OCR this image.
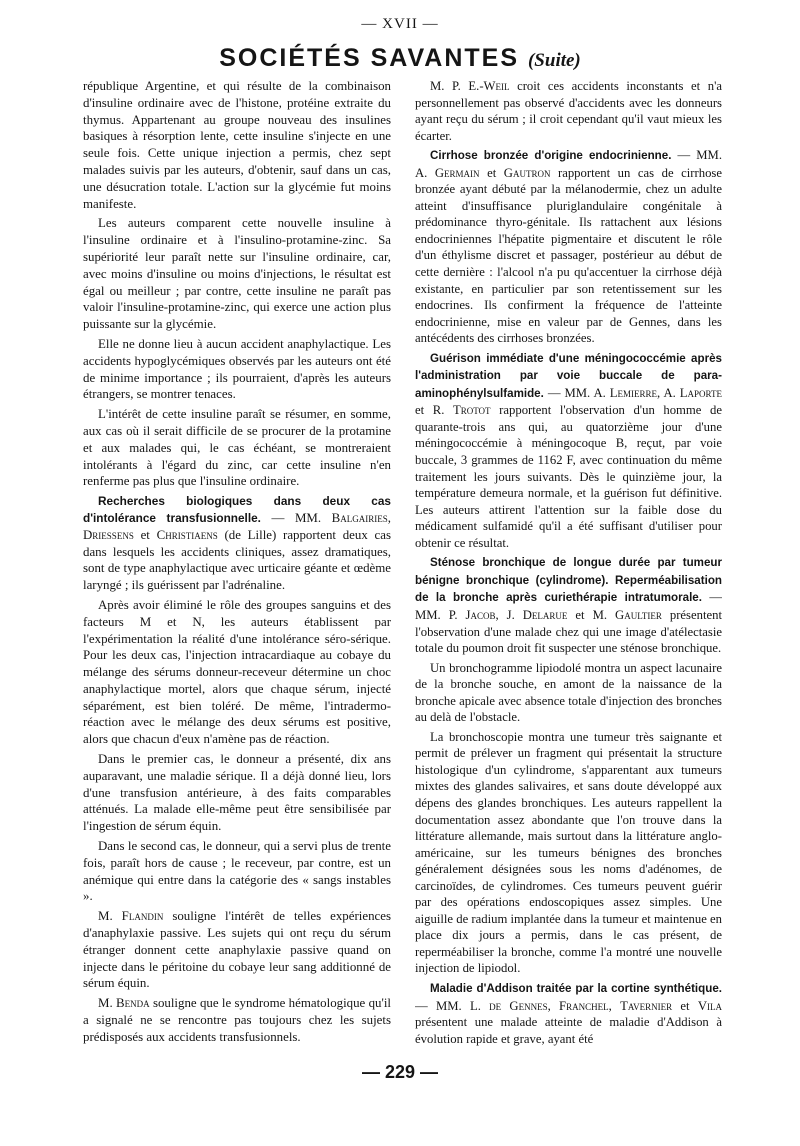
— XVII —
SOCIÉTÉS SAVANTES (Suite)

république Argentine, et qui résulte de la combinaison d'insuline ordinaire avec de l'histone, protéine extraite du thymus. Appartenant au groupe nouveau des insulines basiques à résorption lente, cette insuline s'injecte en une seule fois. Cette unique injection a permis, chez sept malades suivis par les auteurs, d'obtenir, sauf dans un cas, une désucration totale. L'action sur la glycémie fut moins manifeste.

Les auteurs comparent cette nouvelle insuline à l'insuline ordinaire et à l'insulino-protamine-zinc. Sa supériorité leur paraît nette sur l'insuline ordinaire, car, avec moins d'insuline ou moins d'injections, le résultat est égal ou meilleur ; par contre, cette insuline ne paraît pas valoir l'insuline-protamine-zinc, qui exerce une action plus puissante sur la glycémie.

Elle ne donne lieu à aucun accident anaphylactique. Les accidents hypoglycémiques observés par les auteurs ont été de minime importance ; ils pourraient, d'après les auteurs étrangers, se montrer tenaces.

L'intérêt de cette insuline paraît se résumer, en somme, aux cas où il serait difficile de se procurer de la protamine et aux malades qui, le cas échéant, se montreraient intolérants à l'égard du zinc, car cette insuline n'en renferme pas plus que l'insuline ordinaire.

Recherches biologiques dans deux cas d'intolérance transfusionnelle. — MM. Balgairies, Driessens et Christiaens (de Lille) rapportent deux cas dans lesquels les accidents cliniques, assez dramatiques, sont de type anaphylactique avec urticaire géante et œdème laryngé ; ils guérissent par l'adrénaline.

Après avoir éliminé le rôle des groupes sanguins et des facteurs M et N, les auteurs établissent par l'expérimentation la réalité d'une intolérance séro-sérique. Pour les deux cas, l'injection intracardiaque au cobaye du mélange des sérums donneur-receveur détermine un choc anaphylactique mortel, alors que chaque sérum, injecté séparément, est bien toléré. De même, l'intradermo-réaction avec le mélange des deux sérums est positive, alors que chacun d'eux n'amène pas de réaction.

Dans le premier cas, le donneur a présenté, dix ans auparavant, une maladie sérique. Il a déjà donné lieu, lors d'une transfusion antérieure, à des faits comparables atténués. La malade elle-même peut être sensibilisée par l'ingestion de sérum équin.

Dans le second cas, le donneur, qui a servi plus de trente fois, paraît hors de cause ; le receveur, par contre, est un anémique qui entre dans la catégorie des « sangs instables ».

M. Flandin souligne l'intérêt de telles expériences d'anaphylaxie passive. Les sujets qui ont reçu du sérum étranger donnent cette anaphylaxie passive quand on injecte dans le péritoine du cobaye leur sang additionné de sérum équin.

M. Benda souligne que le syndrome hématologique qu'il a signalé ne se rencontre pas toujours chez les sujets prédisposés aux accidents transfusionnels.

M. P. E.-Weil croit ces accidents inconstants et n'a personnellement pas observé d'accidents avec les donneurs ayant reçu du sérum ; il croit cependant qu'il vaut mieux les écarter.

Cirrhose bronzée d'origine endocrinienne. — MM. A. Germain et Gautron rapportent un cas de cirrhose bronzée ayant débuté par la mélanodermie, chez un adulte atteint d'insuffisance pluriglandulaire congénitale à prédominance thyro-génitale. Ils rattachent aux lésions endocriniennes l'hépatite pigmentaire et discutent le rôle d'un éthylisme discret et passager, postérieur au début de cette dernière : l'alcool n'a pu qu'accentuer la cirrhose déjà existante, en particulier par son retentissement sur les endocrines. Ils confirment la fréquence de l'atteinte endocrinienne, mise en valeur par de Gennes, dans les antécédents des cirrhoses bronzées.

Guérison immédiate d'une méningococcémie après l'administration par voie buccale de para-aminophénylsulfamide. — MM. A. Lemierre, A. Laporte et R. Trotot rapportent l'observation d'un homme de quarante-trois ans qui, au quatorzième jour d'une méningococcémie à méningocoque B, reçut, par voie buccale, 3 grammes de 1162 F, avec continuation du même traitement les jours suivants. Dès le quinzième jour, la température demeura normale, et la guérison fut définitive. Les auteurs attirent l'attention sur la faible dose du médicament sulfamidé qu'il a été suffisant d'utiliser pour obtenir ce résultat.

Sténose bronchique de longue durée par tumeur bénigne bronchique (cylindrome). Reperméabilisation de la bronche après curiethérapie intratumorale. — MM. P. Jacob, J. Delarue et M. Gaultier présentent l'observation d'une malade chez qui une image d'atélectasie totale du poumon droit fit suspecter une sténose bronchique.

Un bronchogramme lipiodolé montra un aspect lacunaire de la bronche souche, en amont de la naissance de la bronche apicale avec absence totale d'injection des bronches au delà de l'obstacle.

La bronchoscopie montra une tumeur très saignante et permit de prélever un fragment qui présentait la structure histologique d'un cylindrome, s'apparentant aux tumeurs mixtes des glandes salivaires, et sans doute développé aux dépens des glandes bronchiques. Les auteurs rappellent la documentation assez abondante que l'on trouve dans la littérature allemande, mais surtout dans la littérature anglo-américaine, sur les tumeurs bénignes des bronches généralement désignées sous les noms d'adénomes, de carcinoïdes, de cylindromes. Ces tumeurs peuvent guérir par des opérations endoscopiques assez simples. Une aiguille de radium implantée dans la tumeur et maintenue en place dix jours a permis, dans le cas présent, de reperméabiliser la bronche, comme l'a montré une nouvelle injection de lipiodol.

Maladie d'Addison traitée par la cortine synthétique. — MM. L. de Gennes, Franchel, Tavernier et Vila présentent une malade atteinte de maladie d'Addison à évolution rapide et grave, ayant été

— 229 —
